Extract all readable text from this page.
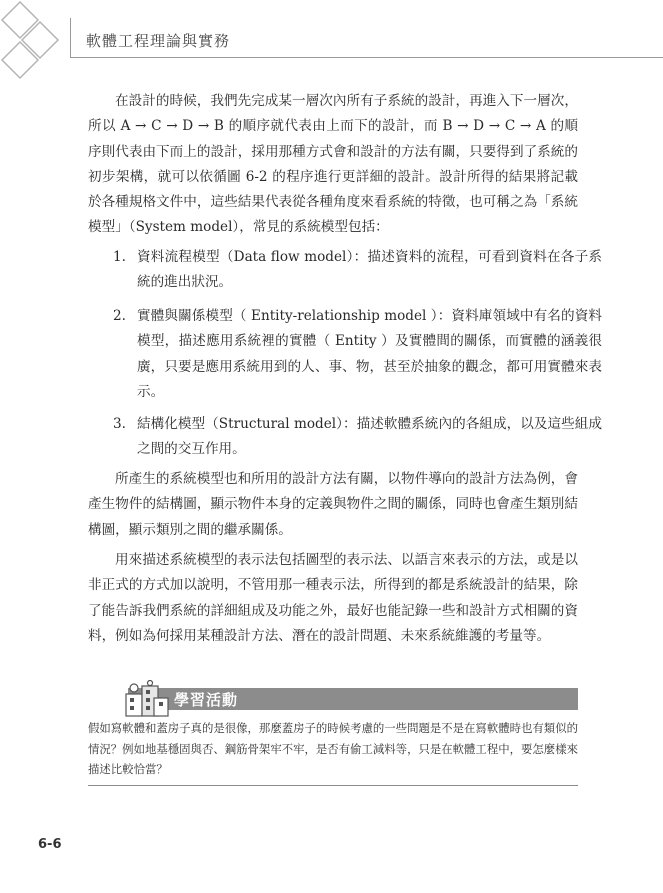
軟體工程理論與實務

在設計的時候，我們先完成某一層次內所有子系統的設計，再進入下一層次，所以 A → C → D → B 的順序就代表由上而下的設計，而 B → D → C → A 的順序則代表由下而上的設計，採用那種方式會和設計的方法有關，只要得到了系統的初步架構，就可以依循圖 6-2 的程序進行更詳細的設計。設計所得的結果將記載於各種規格文件中，這些結果代表從各種角度來看系統的特徵，也可稱之為「系統模型」（System model），常見的系統模型包括：

1. 資料流程模型（Data flow model）：描述資料的流程，可看到資料在各子系統的進出狀況。

2. 實體與關係模型（ Entity-relationship model ）：資料庫領域中有名的資料模型，描述應用系統裡的實體（ Entity ）及實體間的關係，而實體的涵義很廣，只要是應用系統用到的人、事、物，甚至於抽象的觀念，都可用實體來表示。

3. 結構化模型（Structural model）：描述軟體系統內的各組成，以及這些組成之間的交互作用。

所產生的系統模型也和所用的設計方法有關，以物件導向的設計方法為例，會產生物件的結構圖，顯示物件本身的定義與物件之間的關係，同時也會產生類別結構圖，顯示類別之間的繼承關係。

用來描述系統模型的表示法包括圖型的表示法、以語言來表示的方法，或是以非正式的方式加以說明，不管用那一種表示法，所得到的都是系統設計的結果，除了能告訴我們系統的詳細組成及功能之外，最好也能記錄一些和設計方式相關的資料，例如為何採用某種設計方法、潛在的設計問題、未來系統維護的考量等。

學習活動

假如寫軟體和蓋房子真的是很像，那麼蓋房子的時候考慮的一些問題是不是在寫軟體時也有類似的情況？例如地基穩固與否、鋼筋骨架牢不牢，是否有偷工減料等，只是在軟體工程中，要怎麼樣來描述比較恰當？

6-6
